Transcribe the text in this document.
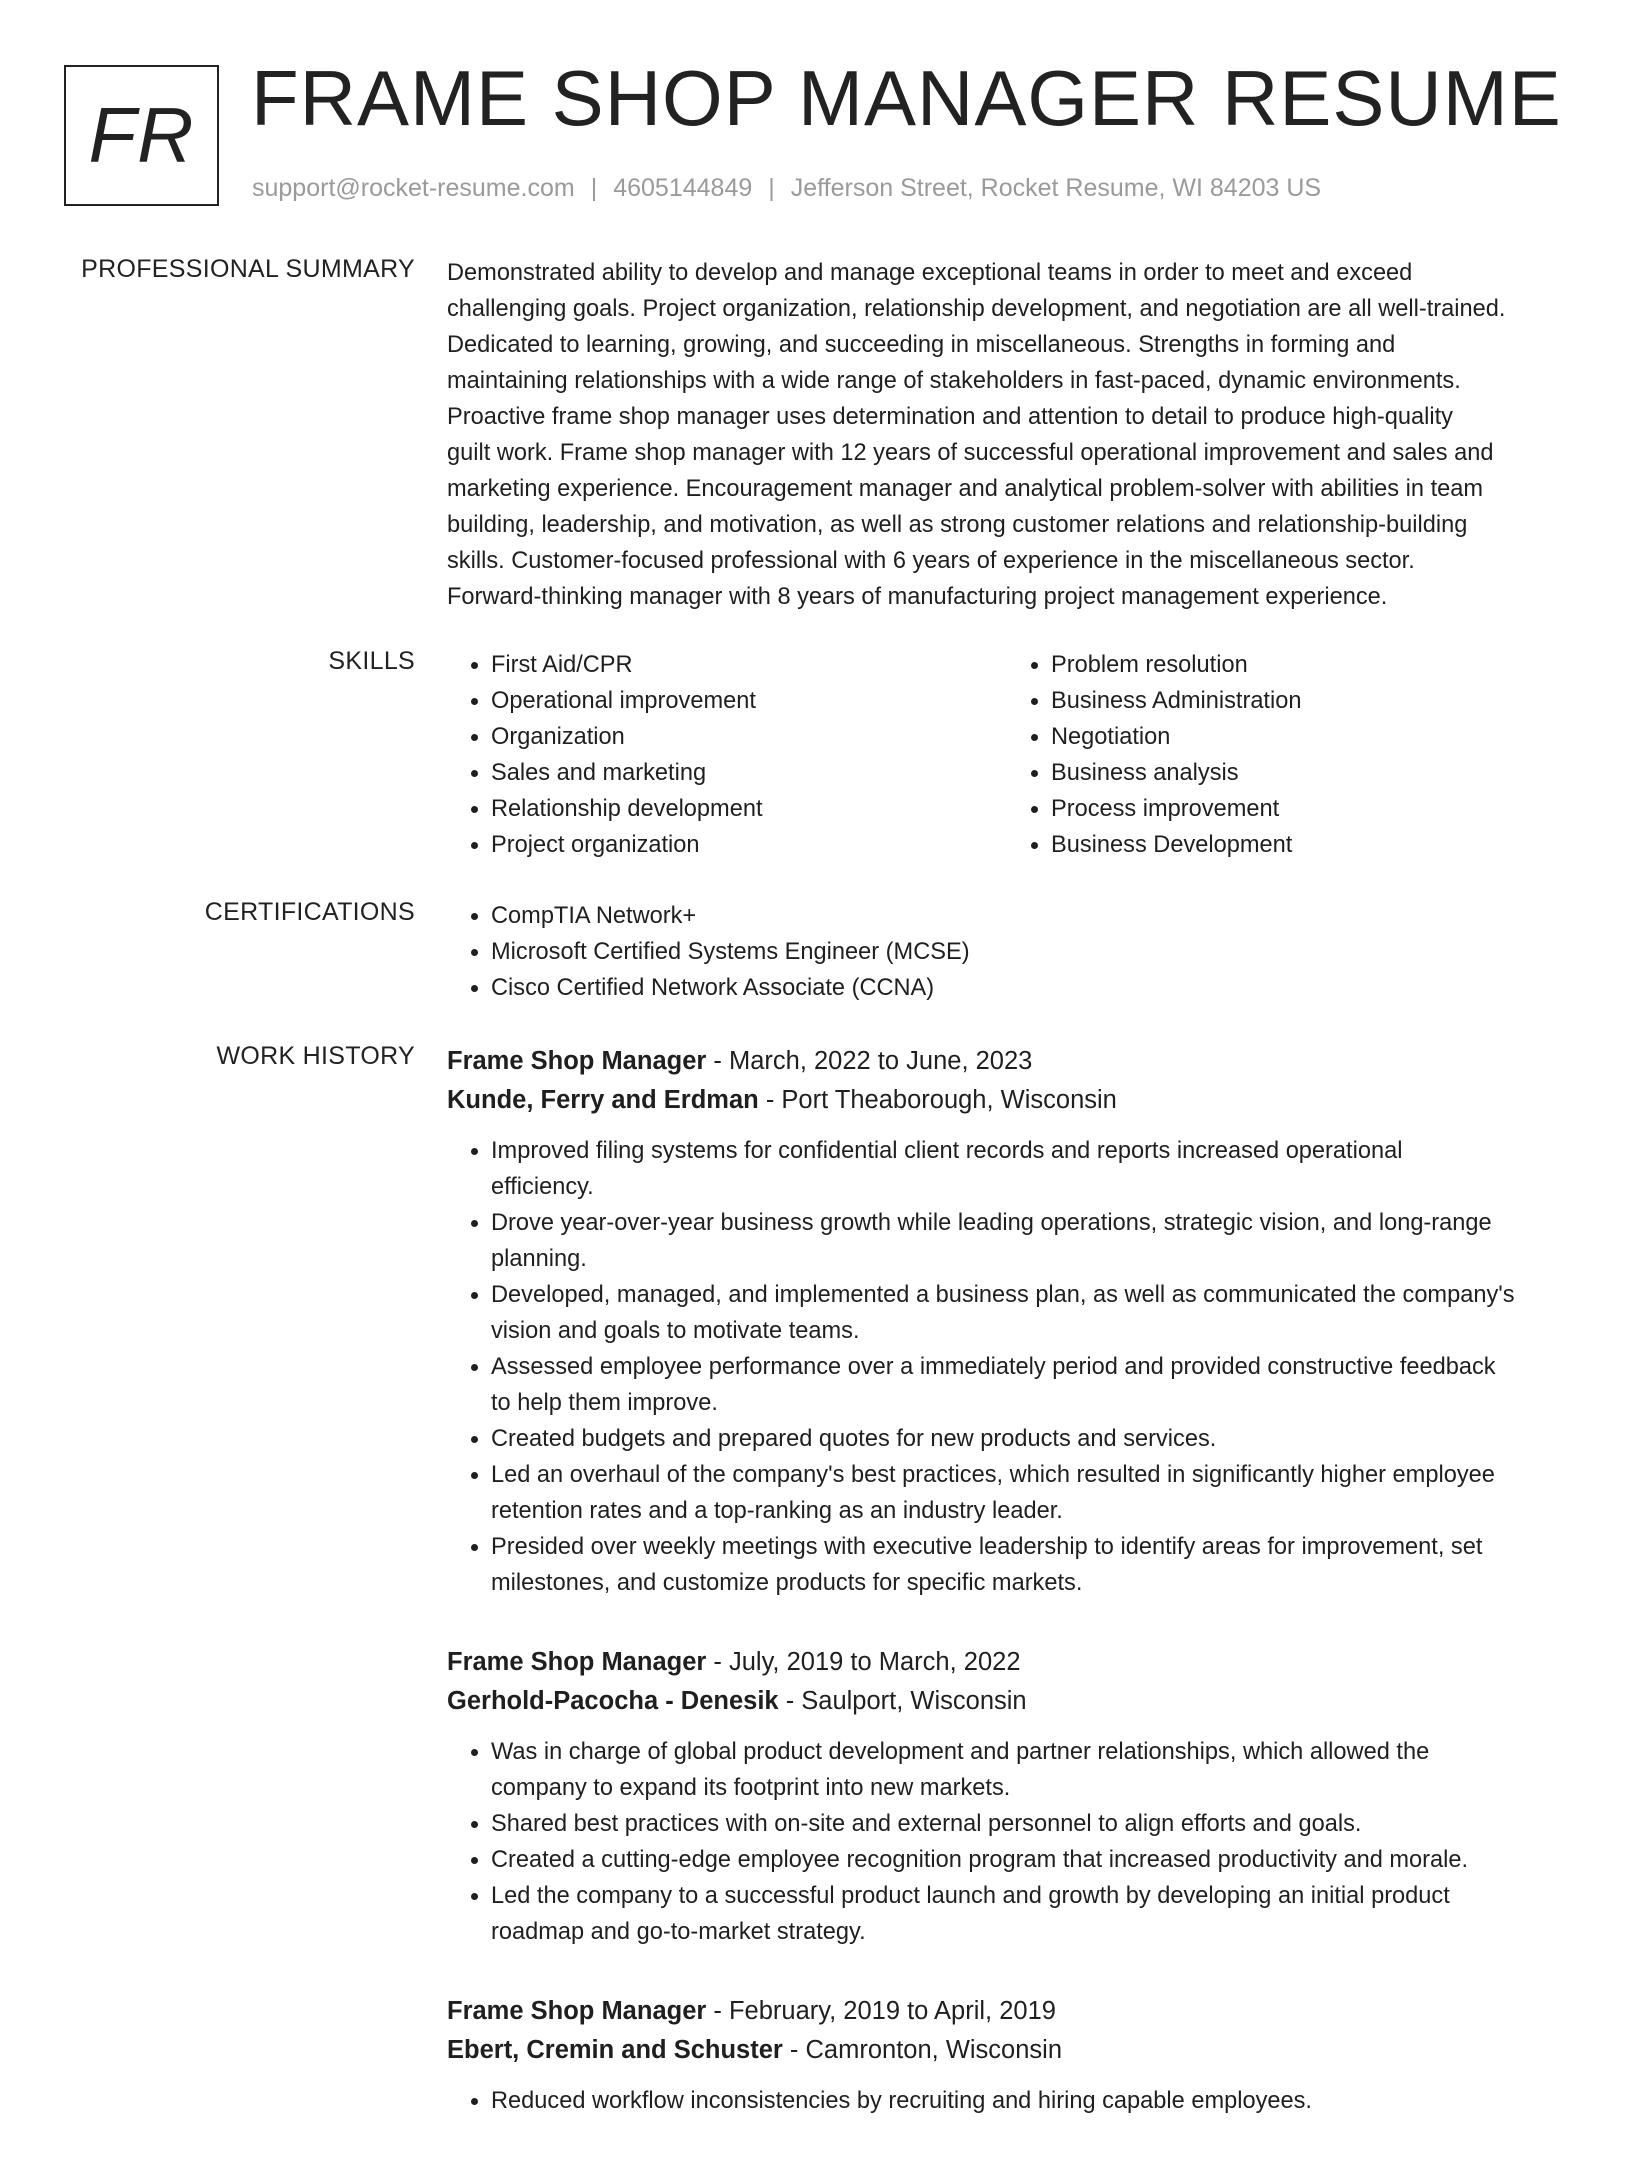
FR FRAME SHOP MANAGER RESUME
support@rocket-resume.com | 4605144849 | Jefferson Street, Rocket Resume, WI 84203 US
PROFESSIONAL SUMMARY Demonstrated ability to develop and manage exceptional teams in order to meet and exceed
challenging goals. Project organization, relationship development, and negotiation are all well-trained.
Dedicated to learning, growing, and succeeding in miscellaneous. Strengths in forming and
maintaining relationships with a wide range of stakeholders in fast-paced, dynamic environments.
Proactive frame shop manager uses determination and attention to detail to produce high-quality
guilt work. Frame shop manager with 12 years of successful operational improvement and sales and
marketing experience. Encouragement manager and analytical problem-solver with abilities in team
building, leadership, and motivation, as well as strong customer relations and relationship-building
skills. Customer-focused professional with 6 years of experience in the miscellaneous sector.
Forward-thinking manager with 8 years of manufacturing project management experience.

SKILLS	• First Aid/CPR
• Operational improvement
• Organization
• Sales and marketing
• Relationship development
• Project organization
• Problem resolution
• Business Administration
• Negotiation
• Business analysis
• Process improvement
• Business Development
CERTIFICATIONS	• CompTIA Network+
• Microsoft Certified Systems Engineer (MCSE)
• Cisco Certified Network Associate (CCNA)
WORK HISTORY Frame Shop Manager - March, 2022 to June, 2023
Kunde, Ferry and Erdman - Port Theaborough, Wisconsin
• Improved filing systems for confidential client records and reports increased operational
efficiency.
• Drove year-over-year business growth while leading operations, strategic vision, and long-range
planning.
• Developed, managed, and implemented a business plan, as well as communicated the company's
vision and goals to motivate teams.
• Assessed employee performance over a immediately period and provided constructive feedback
to help them improve.
• Created budgets and prepared quotes for new products and services.
• Led an overhaul of the company's best practices, which resulted in significantly higher employee
retention rates and a top-ranking as an industry leader.
• Presided over weekly meetings with executive leadership to identify areas for improvement, set
milestones, and customize products for specific markets.
Frame Shop Manager - July, 2019 to March, 2022
Gerhold-Pacocha - Denesik - Saulport, Wisconsin
• Was in charge of global product development and partner relationships, which allowed the
company to expand its footprint into new markets.
• Shared best practices with on-site and external personnel to align efforts and goals.
• Created a cutting-edge employee recognition program that increased productivity and morale.
• Led the company to a successful product launch and growth by developing an initial product
roadmap and go-to-market strategy.
Frame Shop Manager - February, 2019 to April, 2019
Ebert, Cremin and Schuster - Camronton, Wisconsin
• Reduced workflow inconsistencies by recruiting and hiring capable employees.
